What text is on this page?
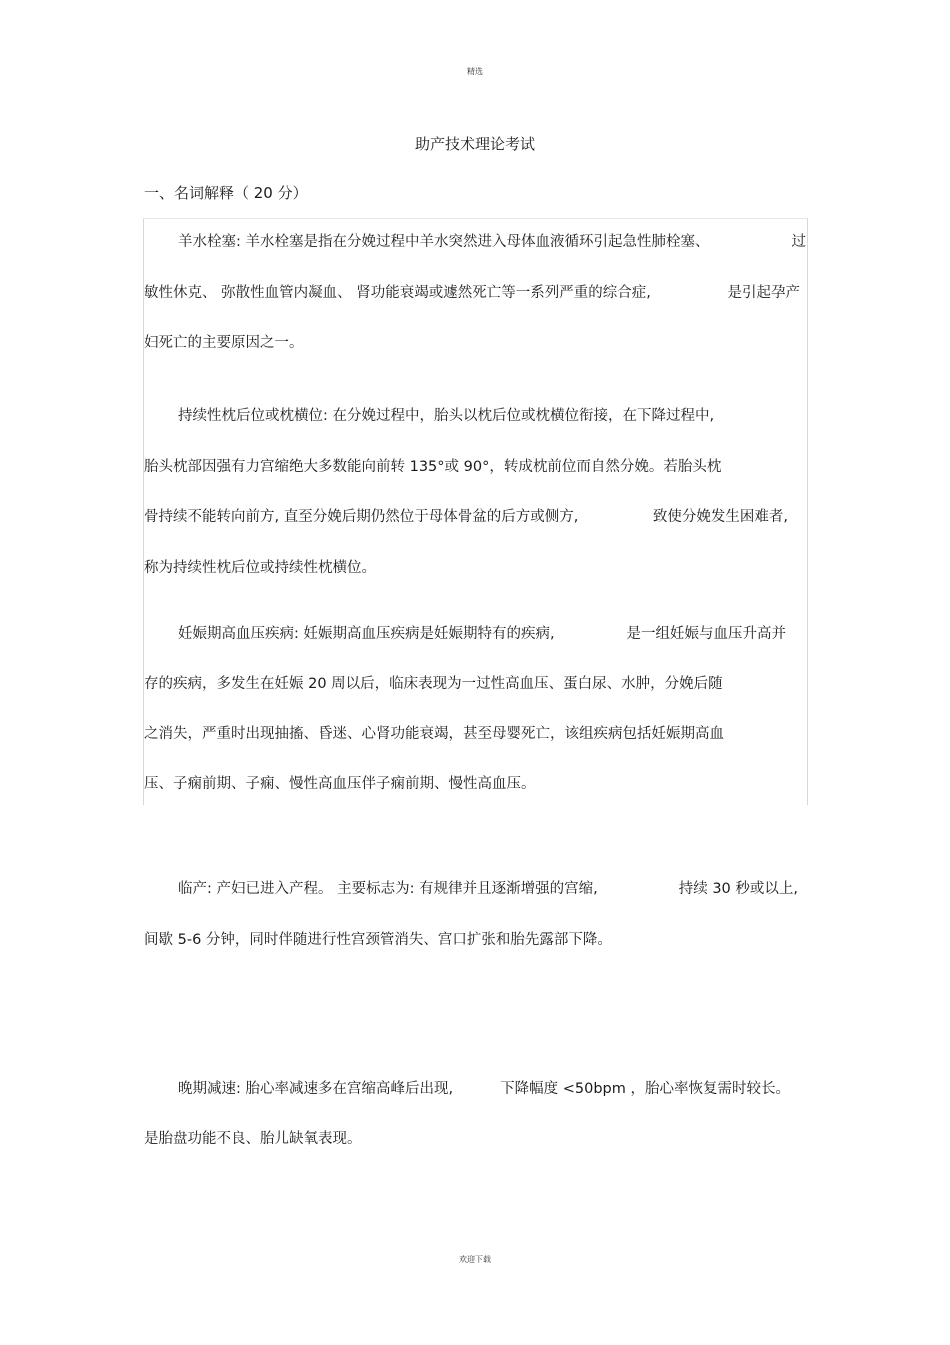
精选
助产技术理论考试
一、名词解释（ 20 分）
羊水栓塞: 羊水栓塞是指在分娩过程中羊水突然进入母体血液循环引起急性肺栓塞、	过
敏性休克、 弥散性血管内凝血、 肾功能衰竭或遽然死亡等一系列严重的综合症,	是引起孕产
妇死亡的主要原因之一。
持续性枕后位或枕横位: 在分娩过程中，胎头以枕后位或枕横位衔接，在下降过程中,
胎头枕部因强有力宫缩绝大多数能向前转 135°或 90°，转成枕前位而自然分娩。若胎头枕
骨持续不能转向前方, 直至分娩后期仍然位于母体骨盆的后方或侧方,	致使分娩发生困难者,
称为持续性枕后位或持续性枕横位。
妊娠期高血压疾病: 妊娠期高血压疾病是妊娠期特有的疾病,	是一组妊娠与血压升高并
存的疾病，多发生在妊娠 20 周以后，临床表现为一过性高血压、蛋白尿、水肿，分娩后随
之消失，严重时出现抽搐、昏迷、心肾功能衰竭，甚至母婴死亡，该组疾病包括妊娠期高血
压、子痫前期、子痫、慢性高血压伴子痫前期、慢性高血压。
临产: 产妇已进入产程。 主要标志为: 有规律并且逐渐增强的宫缩,	持续 30 秒或以上,
间歇 5-6 分钟，同时伴随进行性宫颈管消失、宫口扩张和胎先露部下降。
晚期减速: 胎心率减速多在宫缩高峰后出现,	下降幅度 <50bpm ，胎心率恢复需时较长。
是胎盘功能不良、胎儿缺氧表现。
欢迎下载
